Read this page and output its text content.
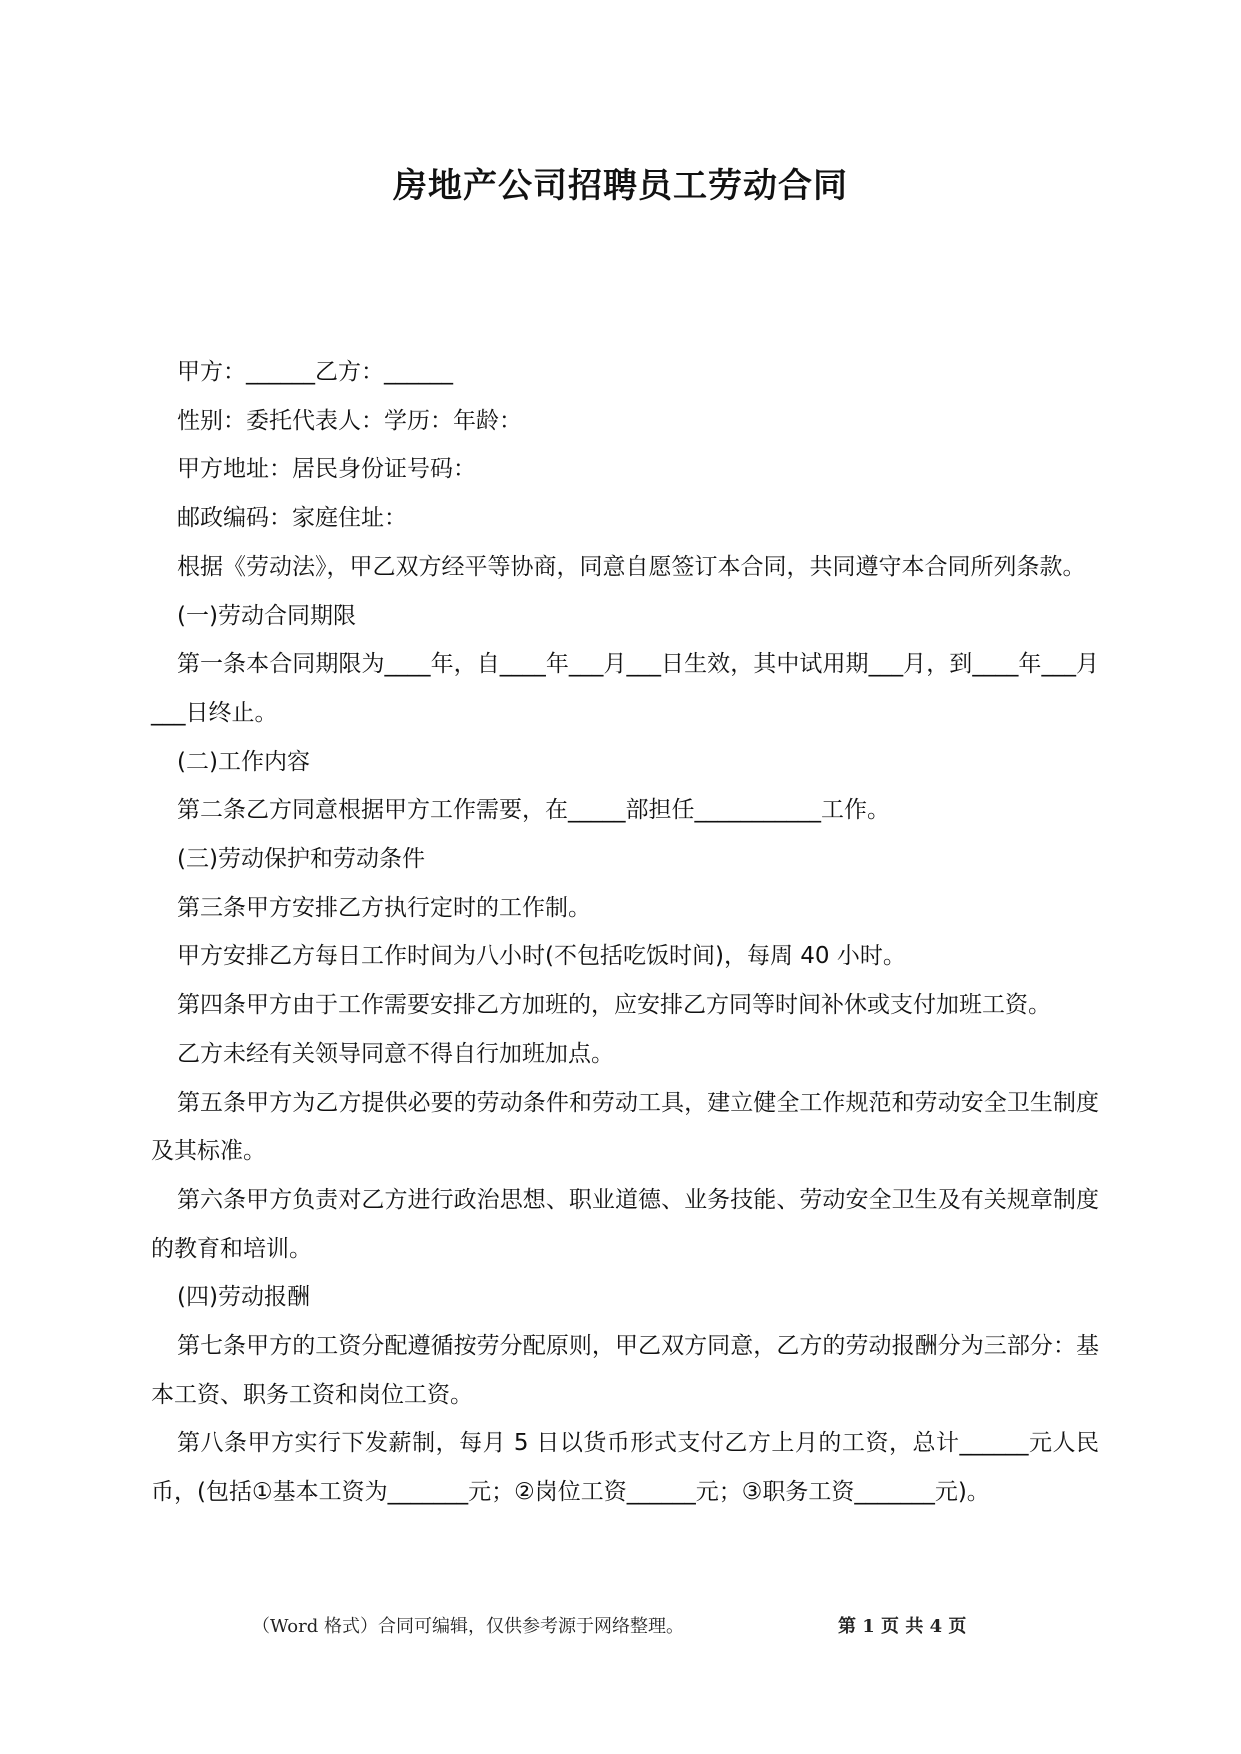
房地产公司招聘员工劳动合同

甲方：______乙方：______

性别：委托代表人：学历：年龄：

甲方地址：居民身份证号码：

邮政编码：家庭住址：

根据《劳动法》，甲乙双方经平等协商，同意自愿签订本合同，共同遵守本合同所列条款。

(一)劳动合同期限

第一条本合同期限为____年，自____年___月___日生效，其中试用期___月，到____年___月___日终止。

(二)工作内容

第二条乙方同意根据甲方工作需要，在_____部担任___________工作。

(三)劳动保护和劳动条件

第三条甲方安排乙方执行定时的工作制。

甲方安排乙方每日工作时间为八小时(不包括吃饭时间)，每周 40 小时。

第四条甲方由于工作需要安排乙方加班的，应安排乙方同等时间补休或支付加班工资。

乙方未经有关领导同意不得自行加班加点。

第五条甲方为乙方提供必要的劳动条件和劳动工具，建立健全工作规范和劳动安全卫生制度及其标准。

第六条甲方负责对乙方进行政治思想、职业道德、业务技能、劳动安全卫生及有关规章制度的教育和培训。

(四)劳动报酬

第七条甲方的工资分配遵循按劳分配原则，甲乙双方同意，乙方的劳动报酬分为三部分：基本工资、职务工资和岗位工资。

第八条甲方实行下发薪制，每月 5 日以货币形式支付乙方上月的工资，总计______元人民币，(包括①基本工资为_______元；②岗位工资______元；③职务工资_______元)。

（Word 格式）合同可编辑，仅供参考源于网络整理。	第 1 页 共 4 页
